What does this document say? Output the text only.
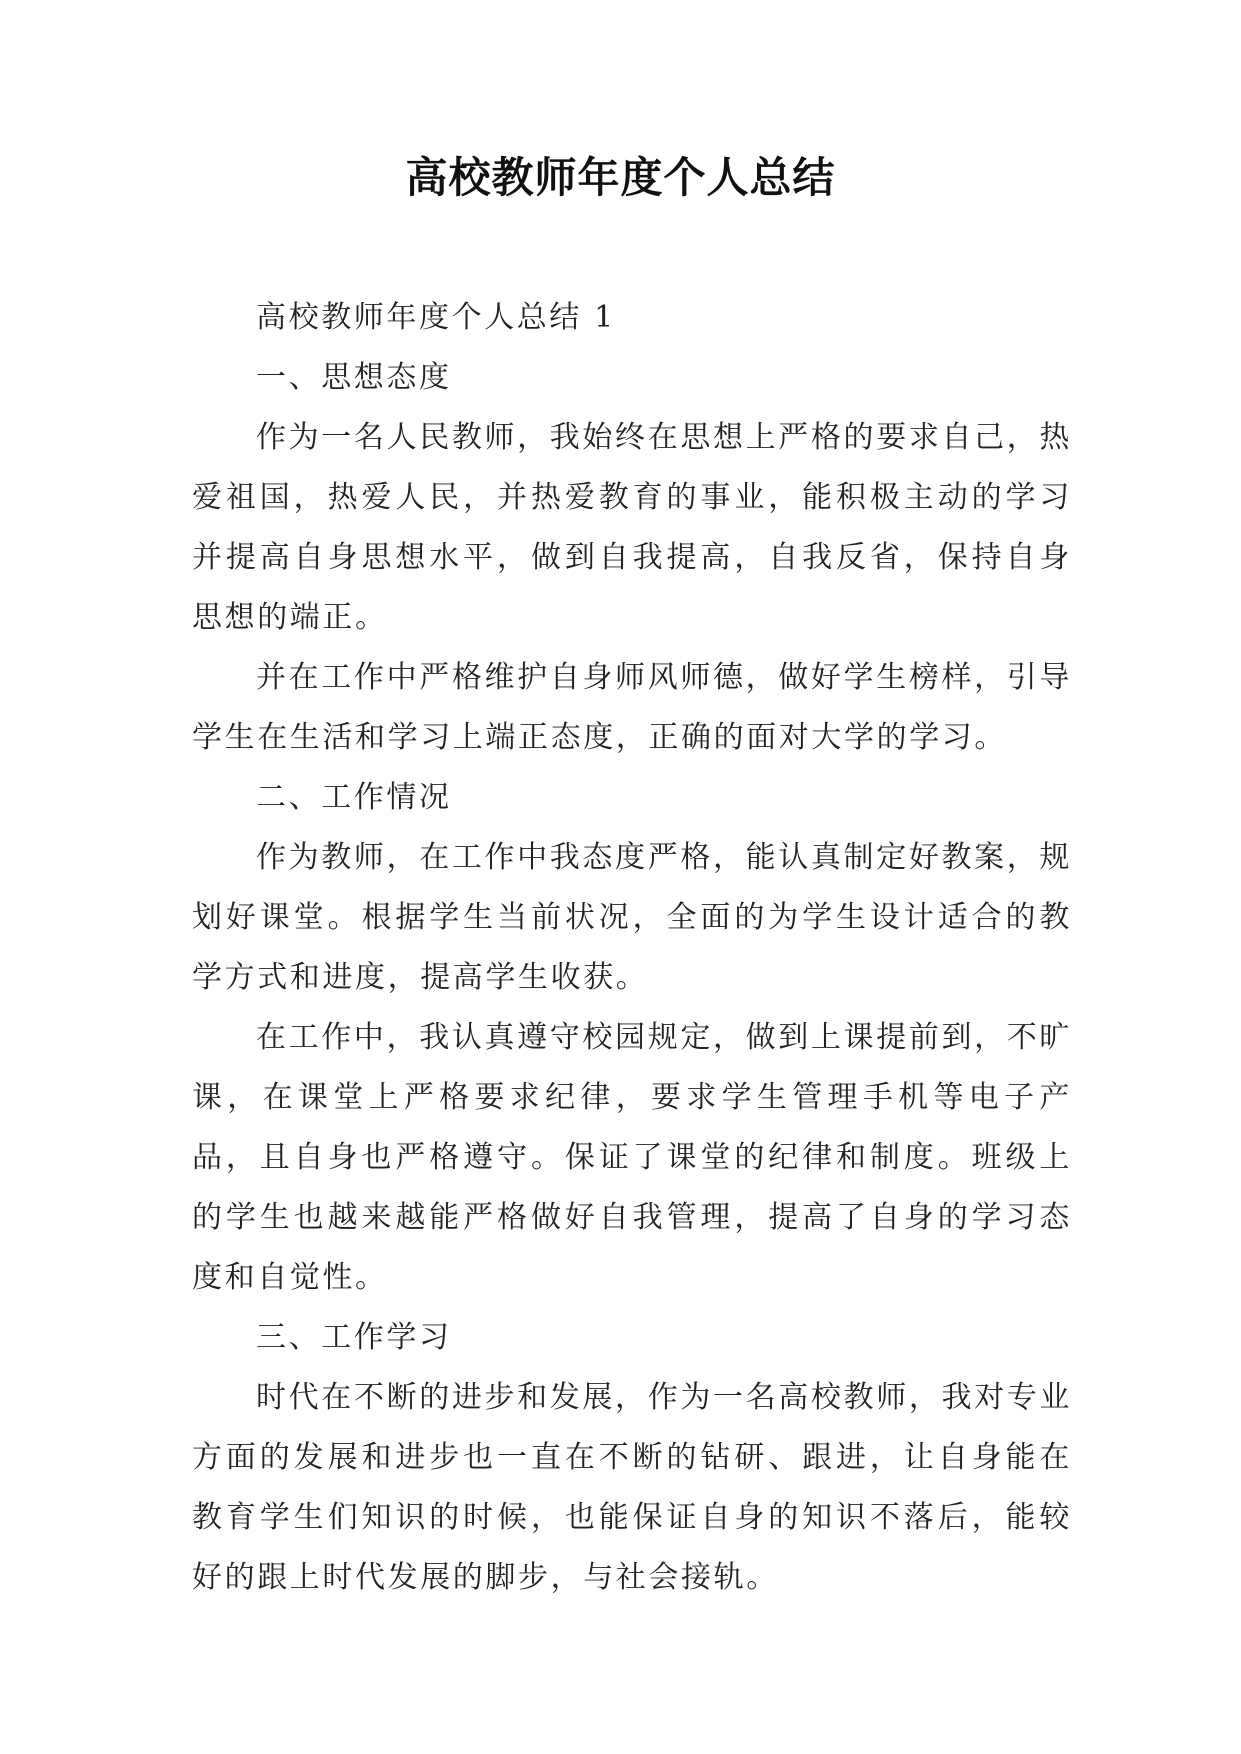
高校教师年度个人总结

高校教师年度个人总结 1

一、思想态度

作为一名人民教师，我始终在思想上严格的要求自己，热爱祖国，热爱人民，并热爱教育的事业，能积极主动的学习并提高自身思想水平，做到自我提高，自我反省，保持自身思想的端正。

并在工作中严格维护自身师风师德，做好学生榜样，引导学生在生活和学习上端正态度，正确的面对大学的学习。

二、工作情况

作为教师，在工作中我态度严格，能认真制定好教案，规划好课堂。根据学生当前状况，全面的为学生设计适合的教学方式和进度，提高学生收获。

在工作中，我认真遵守校园规定，做到上课提前到，不旷课，在课堂上严格要求纪律，要求学生管理手机等电子产品，且自身也严格遵守。保证了课堂的纪律和制度。班级上的学生也越来越能严格做好自我管理，提高了自身的学习态度和自觉性。

三、工作学习

时代在不断的进步和发展，作为一名高校教师，我对专业方面的发展和进步也一直在不断的钻研、跟进，让自身能在教育学生们知识的时候，也能保证自身的知识不落后，能较好的跟上时代发展的脚步，与社会接轨。
